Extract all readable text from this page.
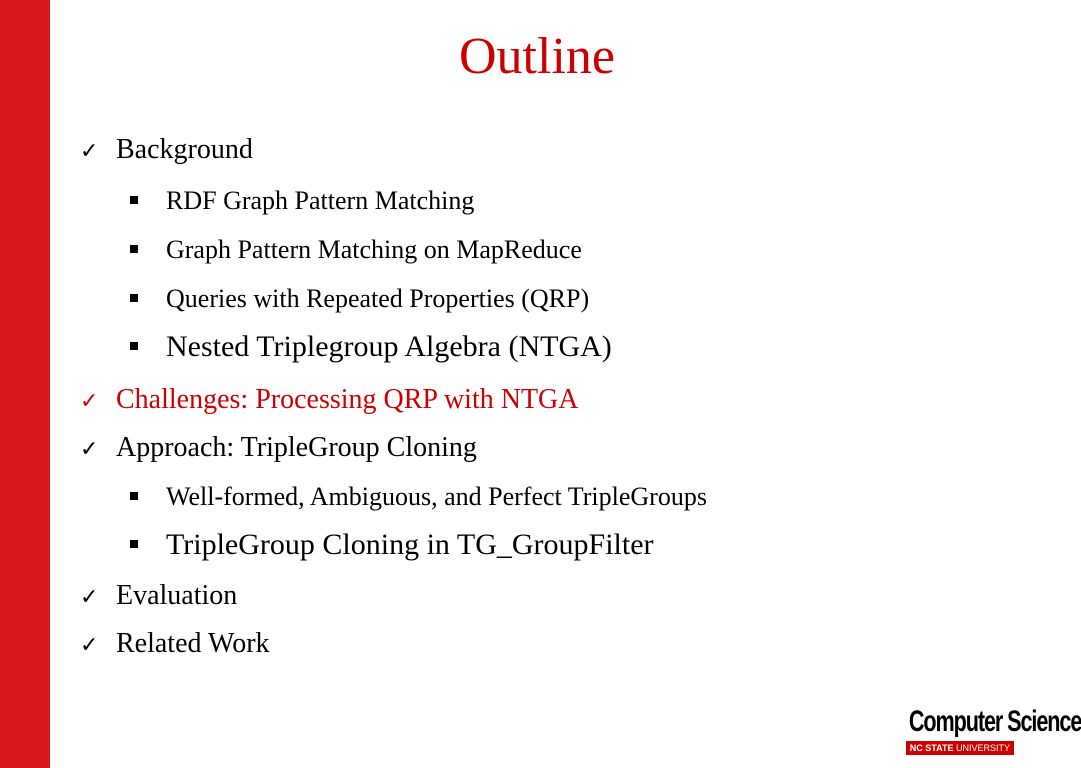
Outline
✓ Background
RDF Graph Pattern Matching
Graph Pattern Matching on MapReduce
Queries with Repeated Properties (QRP)
Nested Triplegroup Algebra (NTGA)
✓ Challenges: Processing QRP with NTGA
✓ Approach: TripleGroup Cloning
Well-formed, Ambiguous, and Perfect TripleGroups
TripleGroup Cloning in TG_GroupFilter
✓ Evaluation
✓ Related Work
Computer Science
NC STATE UNIVERSITY
